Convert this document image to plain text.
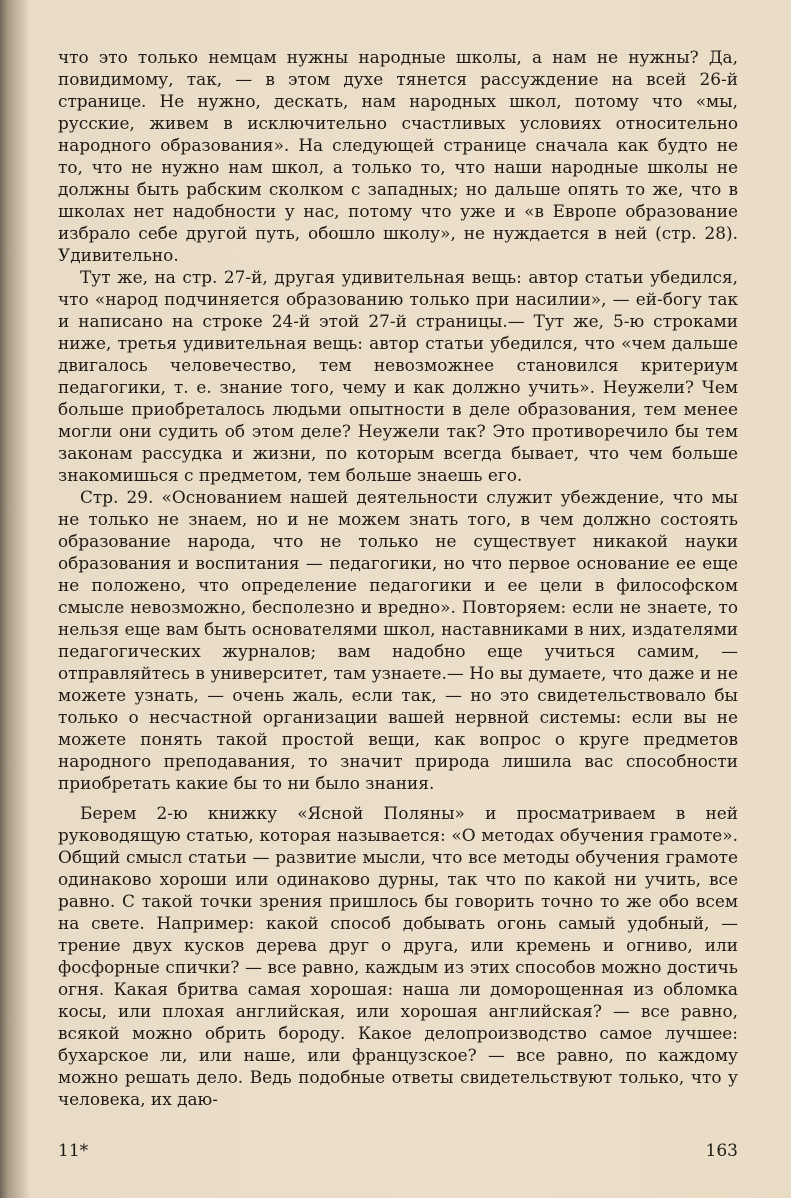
что это только немцам нужны народные школы, а нам не нужны? Да, повидимому, так, — в этом духе тянется рассуждение на всей 26-й странице. Не нужно, дескать, нам народных школ, потому что «мы, русские, живем в исключительно счастливых условиях относительно народного образования». На следующей странице сначала как будто не то, что не нужно нам школ, а только то, что наши народные школы не должны быть рабским сколком с западных; но дальше опять то же, что в школах нет надобности у нас, потому что уже и «в Европе образование избрало себе другой путь, обошло школу», не нуждается в ней (стр. 28). Удивительно.

Тут же, на стр. 27-й, другая удивительная вещь: автор статьи убедился, что «народ подчиняется образованию только при насилии», — ей-богу так и написано на строке 24-й этой 27-й страницы.— Тут же, 5-ю строками ниже, третья удивительная вещь: автор статьи убедился, что «чем дальше двигалось человечество, тем невозможнее становился критериум педагогики, т. е. знание того, чему и как должно учить». Неужели? Чем больше приобреталось людьми опытности в деле образования, тем менее могли они судить об этом деле? Неужели так? Это противоречило бы тем законам рассудка и жизни, по которым всегда бывает, что чем больше знакомишься с предметом, тем больше знаешь его.

Стр. 29. «Основанием нашей деятельности служит убеждение, что мы не только не знаем, но и не можем знать того, в чем должно состоять образование народа, что не только не существует никакой науки образования и воспитания — педагогики, но что первое основание ее еще не положено, что определение педагогики и ее цели в философском смысле невозможно, бесполезно и вредно». Повторяем: если не знаете, то нельзя еще вам быть основателями школ, наставниками в них, издателями педагогических журналов; вам надобно еще учиться самим, — отправляйтесь в университет, там узнаете.— Но вы думаете, что даже и не можете узнать, — очень жаль, если так, — но это свидетельствовало бы только о несчастной организации вашей нервной системы: если вы не можете понять такой простой вещи, как вопрос о круге предметов народного преподавания, то значит природа лишила вас способности приобретать какие бы то ни было знания.

Берем 2-ю книжку «Ясной Поляны» и просматриваем в ней руководящую статью, которая называется: «О методах обучения грамоте». Общий смысл статьи — развитие мысли, что все методы обучения грамоте одинаково хороши или одинаково дурны, так что по какой ни учить, все равно. С такой точки зрения пришлось бы говорить точно то же обо всем на свете. Например: какой способ добывать огонь самый удобный, — трение двух кусков дерева друг о друга, или кремень и огниво, или фосфорные спички? — все равно, каждым из этих способов можно достичь огня. Какая бритва самая хорошая: наша ли доморощенная из обломка косы, или плохая английская, или хорошая английская? — все равно, всякой можно обрить бороду. Какое делопроизводство самое лучшее: бухарское ли, или наше, или французское? — все равно, по каждому можно решать дело. Ведь подобные ответы свидетельствуют только, что у человека, их даю-

11*	163
